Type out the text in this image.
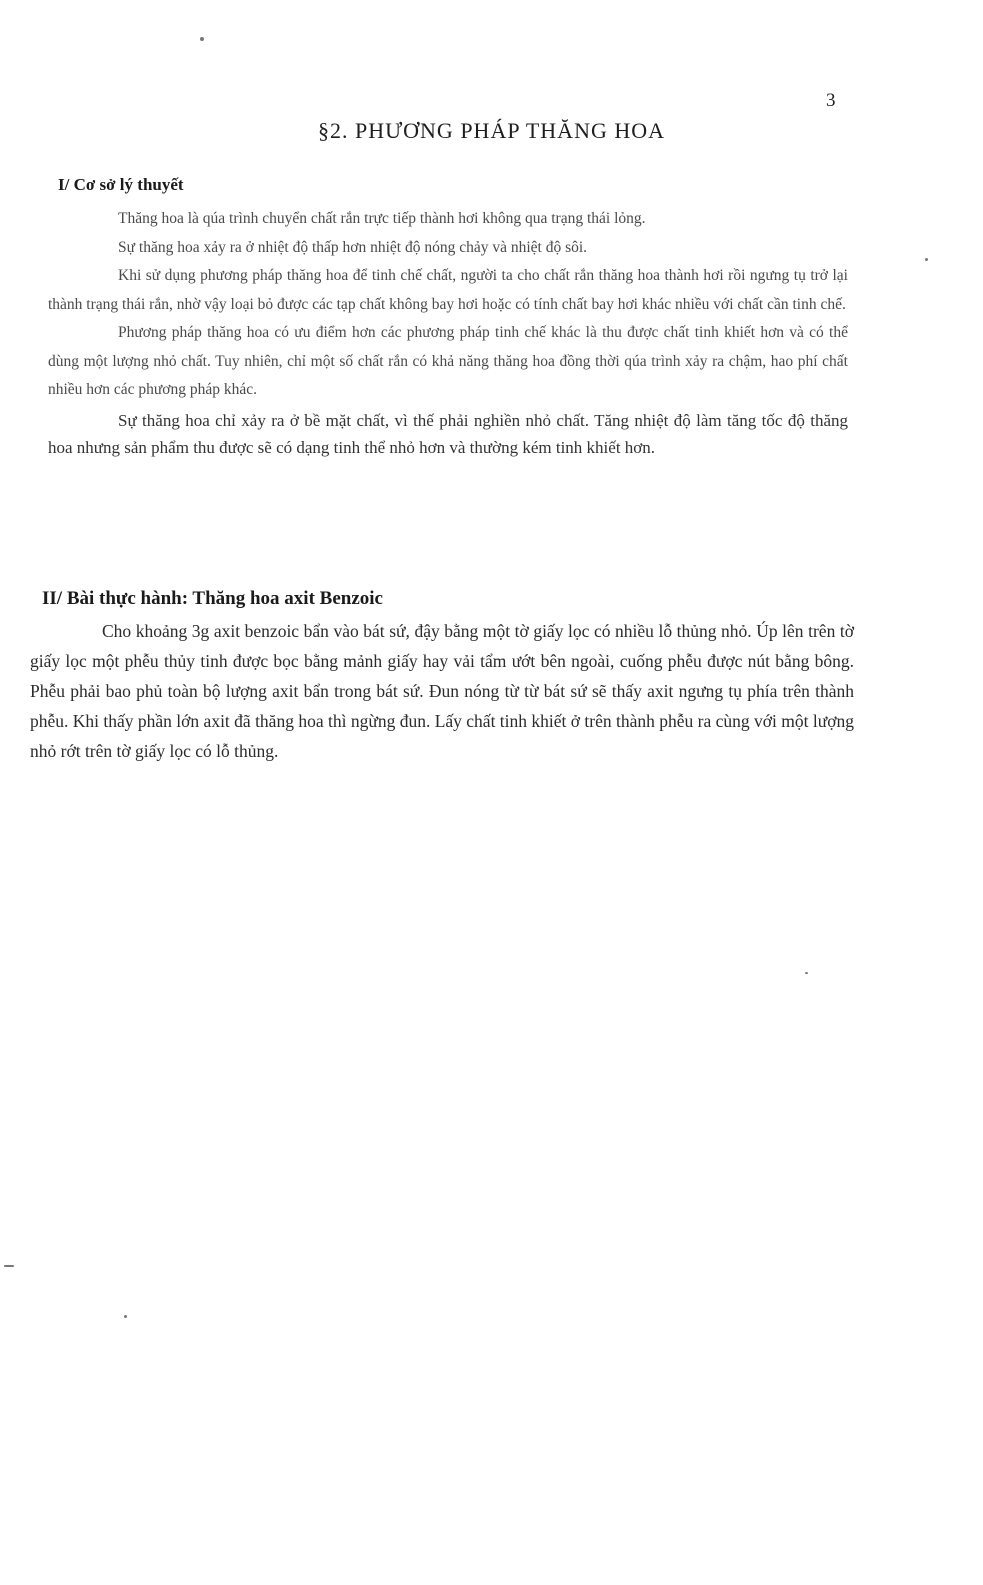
3
§2. PHƯƠNG PHÁP THĂNG HOA
I/ Cơ sở lý thuyết

Thăng hoa là qúa trình chuyển chất rắn trực tiếp thành hơi không qua trạng thái lỏng.

Sự thăng hoa xảy ra ở nhiệt độ thấp hơn nhiệt độ nóng chảy và nhiệt độ sôi.

Khi sử dụng phương pháp thăng hoa để tinh chế chất, người ta cho chất rắn thăng hoa thành hơi rồi ngưng tụ trở lại thành trạng thái rắn, nhờ vậy loại bỏ được các tạp chất không bay hơi hoặc có tính chất bay hơi khác nhiều với chất cần tinh chế.

Phương pháp thăng hoa có ưu điểm hơn các phương pháp tinh chế khác là thu được chất tinh khiết hơn và có thể dùng một lượng nhỏ chất. Tuy nhiên, chỉ một số chất rắn có khả năng thăng hoa đồng thời qúa trình xảy ra chậm, hao phí chất nhiều hơn các phương pháp khác.

Sự thăng hoa chỉ xảy ra ở bề mặt chất, vì thế phải nghiền nhỏ chất. Tăng nhiệt độ làm tăng tốc độ thăng hoa nhưng sản phẩm thu được sẽ có dạng tinh thể nhỏ hơn và thường kém tinh khiết hơn.

II/ Bài thực hành: Thăng hoa axit Benzoic

Cho khoảng 3g axit benzoic bẩn vào bát sứ, đậy bằng một tờ giấy lọc có nhiều lỗ thủng nhỏ. Úp lên trên tờ giấy lọc một phễu thủy tinh được bọc bằng mảnh giấy hay vải tẩm ướt bên ngoài, cuống phễu được nút bằng bông. Phễu phải bao phủ toàn bộ lượng axit bẩn trong bát sứ. Đun nóng từ từ bát sứ sẽ thấy axit ngưng tụ phía trên thành phễu. Khi thấy phần lớn axit đã thăng hoa thì ngừng đun. Lấy chất tinh khiết ở trên thành phễu ra cùng với một lượng nhỏ rớt trên tờ giấy lọc có lỗ thủng.
